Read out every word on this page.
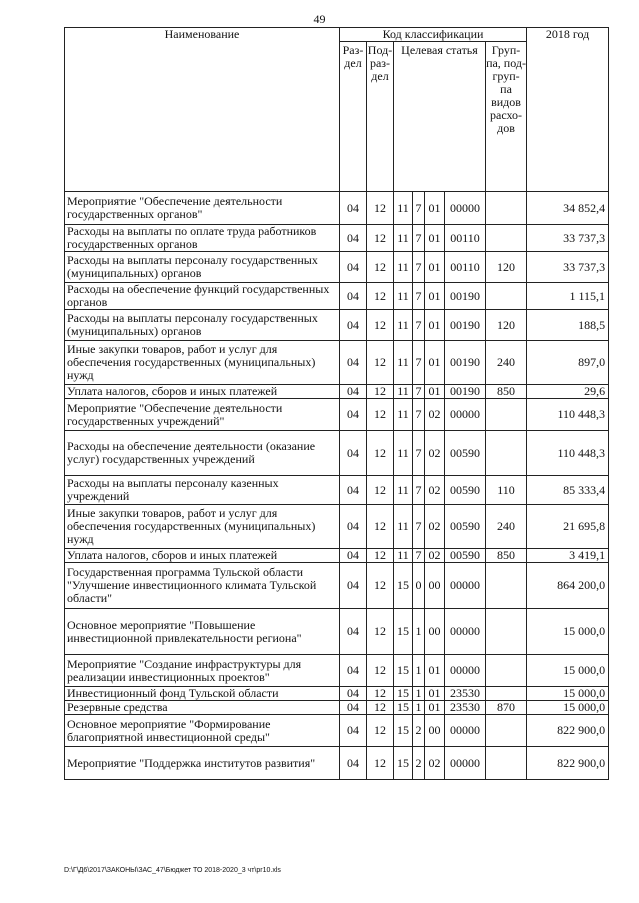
49
Наименование	Код классификации							2018 год
	Раз- дел	Под- раз- дел	Целевая статья				Груп- па, под- груп- па видов расхо- дов	
Мероприятие "Обеспечение деятельности государственных органов"	04	12	11	7	01	00000		34 852,4
Расходы на выплаты по оплате труда работников государственных органов	04	12	11	7	01	00110		33 737,3
Расходы на выплаты персоналу государственных (муниципальных) органов	04	12	11	7	01	00110	120	33 737,3
Расходы на обеспечение функций государственных органов	04	12	11	7	01	00190		1 115,1
Расходы на выплаты персоналу государственных (муниципальных) органов	04	12	11	7	01	00190	120	188,5
Иные закупки товаров, работ и услуг для обеспечения государственных (муниципальных) нужд	04	12	11	7	01	00190	240	897,0
Уплата налогов, сборов и иных платежей	04	12	11	7	01	00190	850	29,6
Мероприятие "Обеспечение деятельности государственных учреждений"	04	12	11	7	02	00000		110 448,3
Расходы на обеспечение деятельности (оказание услуг) государственных учреждений	04	12	11	7	02	00590		110 448,3
Расходы на выплаты персоналу казенных учреждений	04	12	11	7	02	00590	110	85 333,4
Иные закупки товаров, работ и услуг для обеспечения государственных (муниципальных) нужд	04	12	11	7	02	00590	240	21 695,8
Уплата налогов, сборов и иных платежей	04	12	11	7	02	00590	850	3 419,1
Государственная программа Тульской области "Улучшение инвестиционного климата Тульской области"	04	12	15	0	00	00000		864 200,0
Основное мероприятие "Повышение инвестиционной привлекательности региона"	04	12	15	1	00	00000		15 000,0
Мероприятие "Создание инфраструктуры для реализации инвестиционных проектов"	04	12	15	1	01	00000		15 000,0
Инвестиционный фонд Тульской области	04	12	15	1	01	23530		15 000,0
Резервные средства	04	12	15	1	01	23530	870	15 000,0
Основное мероприятие "Формирование благоприятной инвестиционной среды"	04	12	15	2	00	00000		822 900,0
Мероприятие "Поддержка институтов развития"	04	12	15	2	02	00000		822 900,0
D:\Г\Д6\2017\ЗАКОНЫ\ЗАС_47\Бюджет ТО 2018-2020_3 чт\рr10.xls
